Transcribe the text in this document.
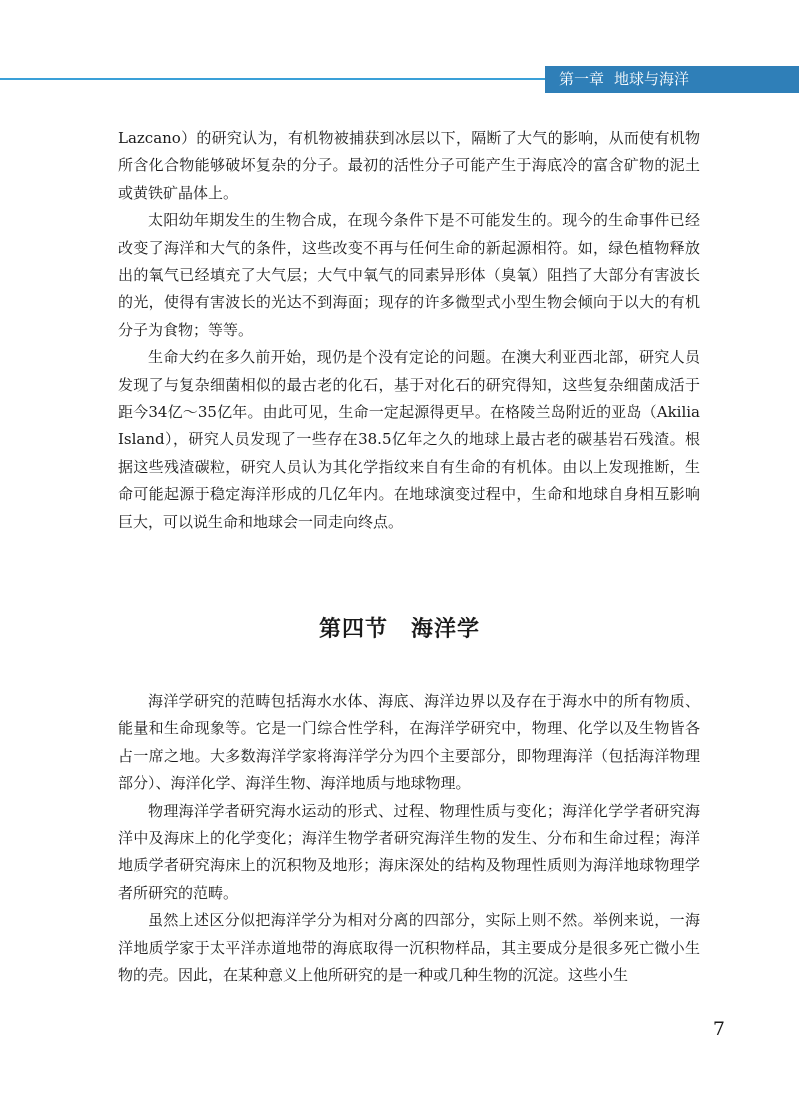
第一章 地球与海洋

Lazcano）的研究认为，有机物被捕获到冰层以下，隔断了大气的影响，从而使有机物所含化合物能够破坏复杂的分子。最初的活性分子可能产生于海底冷的富含矿物的泥土或黄铁矿晶体上。

太阳幼年期发生的生物合成，在现今条件下是不可能发生的。现今的生命事件已经改变了海洋和大气的条件，这些改变不再与任何生命的新起源相符。如，绿色植物释放出的氧气已经填充了大气层；大气中氧气的同素异形体（臭氧）阻挡了大部分有害波长的光，使得有害波长的光达不到海面；现存的许多微型式小型生物会倾向于以大的有机分子为食物；等等。

生命大约在多久前开始，现仍是个没有定论的问题。在澳大利亚西北部，研究人员发现了与复杂细菌相似的最古老的化石，基于对化石的研究得知，这些复杂细菌成活于距今34亿～35亿年。由此可见，生命一定起源得更早。在格陵兰岛附近的亚岛（Akilia Island），研究人员发现了一些存在38.5亿年之久的地球上最古老的碳基岩石残渣。根据这些残渣碳粒，研究人员认为其化学指纹来自有生命的有机体。由以上发现推断，生命可能起源于稳定海洋形成的几亿年内。在地球演变过程中，生命和地球自身相互影响巨大，可以说生命和地球会一同走向终点。

第四节　海洋学

海洋学研究的范畴包括海水水体、海底、海洋边界以及存在于海水中的所有物质、能量和生命现象等。它是一门综合性学科，在海洋学研究中，物理、化学以及生物皆各占一席之地。大多数海洋学家将海洋学分为四个主要部分，即物理海洋（包括海洋物理部分）、海洋化学、海洋生物、海洋地质与地球物理。

物理海洋学者研究海水运动的形式、过程、物理性质与变化；海洋化学学者研究海洋中及海床上的化学变化；海洋生物学者研究海洋生物的发生、分布和生命过程；海洋地质学者研究海床上的沉积物及地形；海床深处的结构及物理性质则为海洋地球物理学者所研究的范畴。

虽然上述区分似把海洋学分为相对分离的四部分，实际上则不然。举例来说，一海洋地质学家于太平洋赤道地带的海底取得一沉积物样品，其主要成分是很多死亡微小生物的壳。因此，在某种意义上他所研究的是一种或几种生物的沉淀。这些小生

7
